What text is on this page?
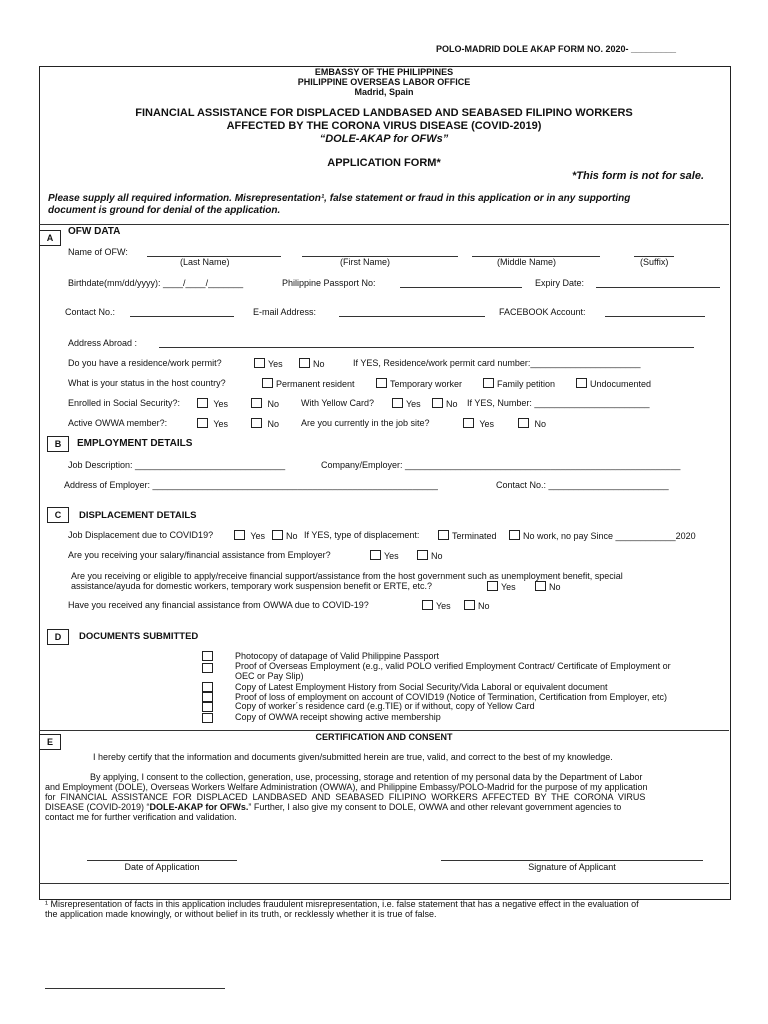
POLO-MADRID DOLE AKAP FORM NO. 2020- _________
EMBASSY OF THE PHILIPPINES
PHILIPPINE OVERSEAS LABOR OFFICE
Madrid, Spain
FINANCIAL ASSISTANCE FOR DISPLACED LANDBASED AND SEABASED FILIPINO WORKERS
AFFECTED BY THE CORONA VIRUS DISEASE (COVID-2019)
“DOLE-AKAP for OFWs”
APPLICATION FORM*
*This form is not for sale.
Please supply all required information. Misrepresentation¹, false statement or fraud in this application or in any supporting
document is ground for denial of the application.
A
OFW DATA
Name of OFW:
(Last Name)	(First Name)	(Middle Name)	(Suffix)
Birthdate(mm/dd/yyyy): ____/____/_______	Philippine Passport No:	Expiry Date:
Contact No.:	E-mail Address:	FACEBOOK Account:
Address Abroad :
Do you have a residence/work permit?	Yes	No	If YES, Residence/work permit card number:______________________
What is your status in the host country?	Permanent resident	Temporary worker	Family petition	Undocumented
Enrolled in Social Security?:	Yes	No With Yellow Card?	Yes	No If YES, Number: _______________________
Active OWWA member?:	Yes	No Are you currently in the job site?	Yes	No
B	EMPLOYMENT DETAILS
Job Description: ______________________________	Company/Employer: _______________________________________________________
Address of Employer: _________________________________________________________	Contact No.: ________________________
C	DISPLACEMENT DETAILS
Job Displacement due to COVID19?	Yes	No If YES, type of displacement:	Terminated	No work, no pay Since ____________2020
Are you receiving your salary/financial assistance from Employer?	Yes	No
Are you receiving or eligible to apply/receive financial support/assistance from the host government such as unemployment benefit, special
assistance/ayuda for domestic workers, temporary work suspension benefit or ERTE, etc.?	Yes	No
Have you received any financial assistance from OWWA due to COVID-19?	Yes	No
D	DOCUMENTS SUBMITTED
Photocopy of datapage of Valid Philippine Passport
Proof of Overseas Employment (e.g., valid POLO verified Employment Contract/ Certificate of Employment or
OEC or Pay Slip)
Copy of Latest Employment History from Social Security/Vida Laboral or equivalent document
Proof of loss of employment on account of COVID19 (Notice of Termination, Certification from Employer, etc)
Copy of worker´s residence card (e.g.TIE) or if without, copy of Yellow Card
Copy of OWWA receipt showing active membership
E	CERTIFICATION AND CONSENT
I hereby certify that the information and documents given/submitted herein are true, valid, and correct to the best of my knowledge.
By applying, I consent to the collection, generation, use, processing, storage and retention of my personal data by the Department of Labor
and Employment (DOLE), Overseas Workers Welfare Administration (OWWA), and Philippine Embassy/POLO-Madrid for the purpose of my application
for FINANCIAL ASSISTANCE FOR DISPLACED LANDBASED AND SEABASED FILIPINO WORKERS AFFECTED BY THE CORONA VIRUS
DISEASE (COVID-2019) “DOLE-AKAP for OFWs.” Further, I also give my consent to DOLE, OWWA and other relevant government agencies to
contact me for further verification and validation.
Date of Application	Signature of Applicant
¹ Misrepresentation of facts in this application includes fraudulent misrepresentation, i.e. false statement that has a negative effect in the evaluation of
the application made knowingly, or without belief in its truth, or recklessly whether it is true of false.
